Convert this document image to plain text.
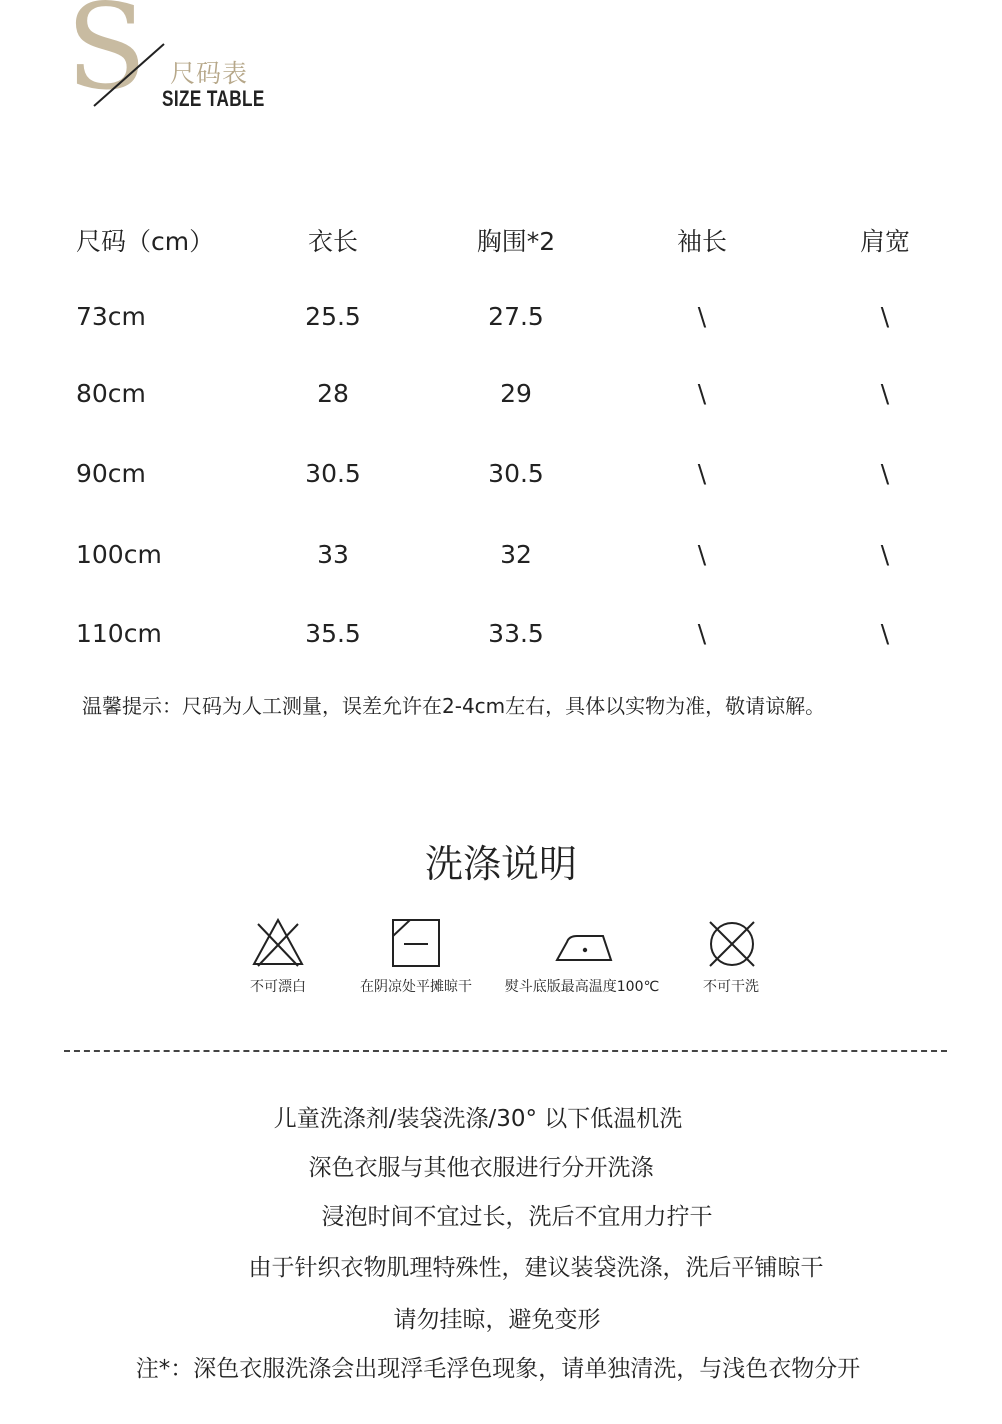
S 尺码表
SIZE TABLE
尺码（cm）	衣长	胸围*2	袖长	肩宽
73cm	25.5	27.5	\	\
80cm	28	29	\	\
90cm	30.5	30.5	\	\
100cm	33	32	\	\
110cm	35.5	33.5	\	\
温馨提示：尺码为人工测量，误差允许在2-4cm左右，具体以实物为准，敬请谅解。
洗涤说明
不可漂白	在阴凉处平摊晾干 熨斗底版最高温度100℃	不可干洗
儿童洗涤剂/装袋洗涤/30° 以下低温机洗
深色衣服与其他衣服进行分开洗涤
浸泡时间不宜过长，洗后不宜用力拧干
由于针织衣物肌理特殊性，建议装袋洗涤，洗后平铺晾干
请勿挂晾，避免变形
注*：深色衣服洗涤会出现浮毛浮色现象，请单独清洗，与浅色衣物分开
